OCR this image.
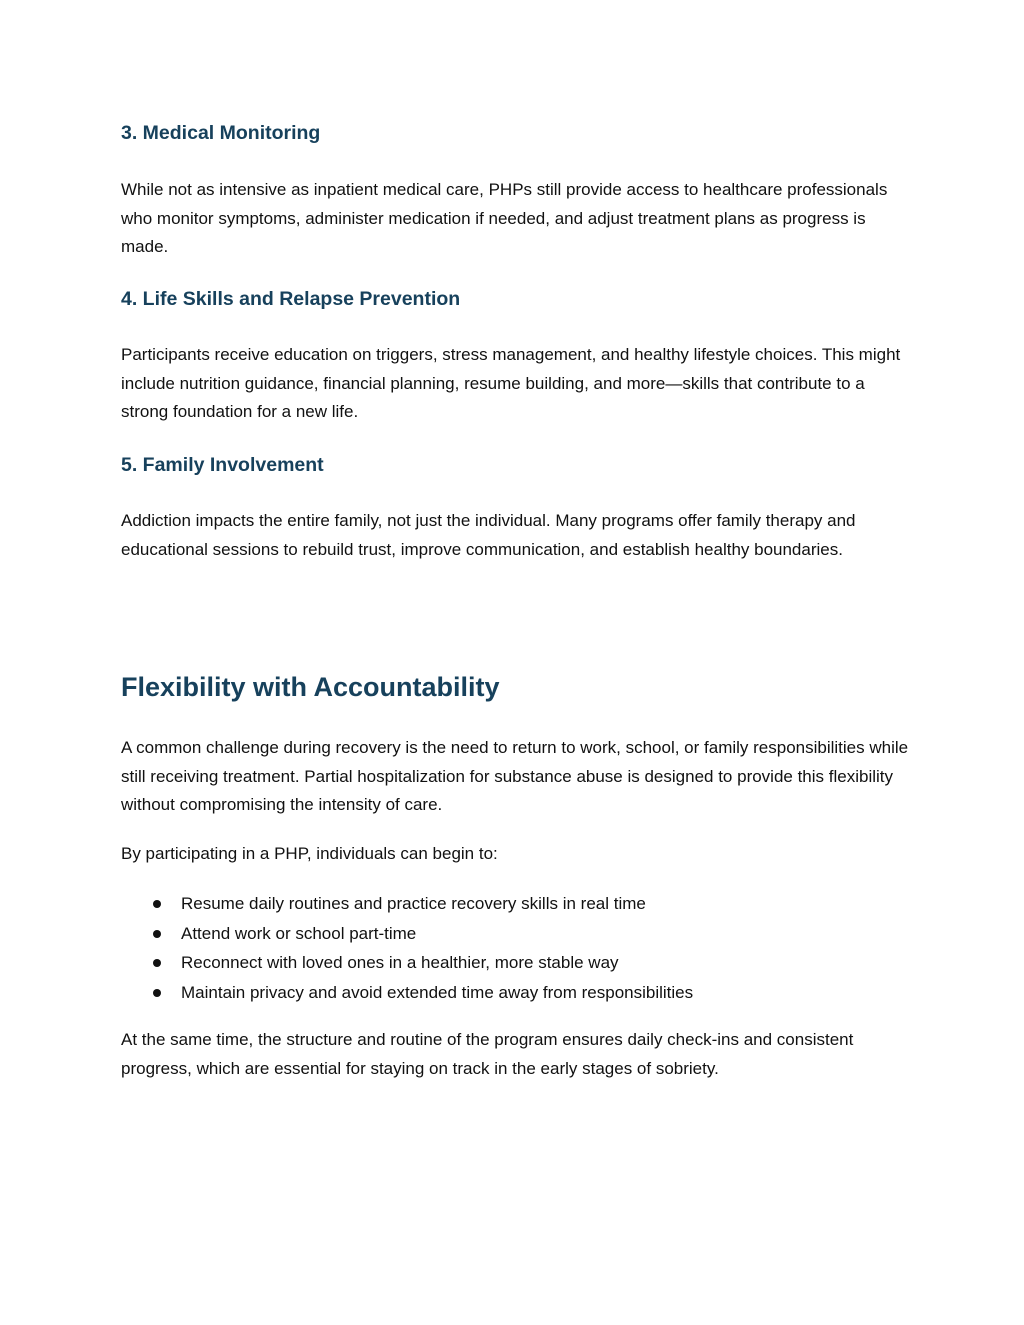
3. Medical Monitoring

While not as intensive as inpatient medical care, PHPs still provide access to healthcare professionals who monitor symptoms, administer medication if needed, and adjust treatment plans as progress is made.

4. Life Skills and Relapse Prevention

Participants receive education on triggers, stress management, and healthy lifestyle choices. This might include nutrition guidance, financial planning, resume building, and more—skills that contribute to a strong foundation for a new life.

5. Family Involvement

Addiction impacts the entire family, not just the individual. Many programs offer family therapy and educational sessions to rebuild trust, improve communication, and establish healthy boundaries.

Flexibility with Accountability

A common challenge during recovery is the need to return to work, school, or family responsibilities while still receiving treatment. Partial hospitalization for substance abuse is designed to provide this flexibility without compromising the intensity of care.

By participating in a PHP, individuals can begin to:

Resume daily routines and practice recovery skills in real time
Attend work or school part-time
Reconnect with loved ones in a healthier, more stable way
Maintain privacy and avoid extended time away from responsibilities

At the same time, the structure and routine of the program ensures daily check-ins and consistent progress, which are essential for staying on track in the early stages of sobriety.
